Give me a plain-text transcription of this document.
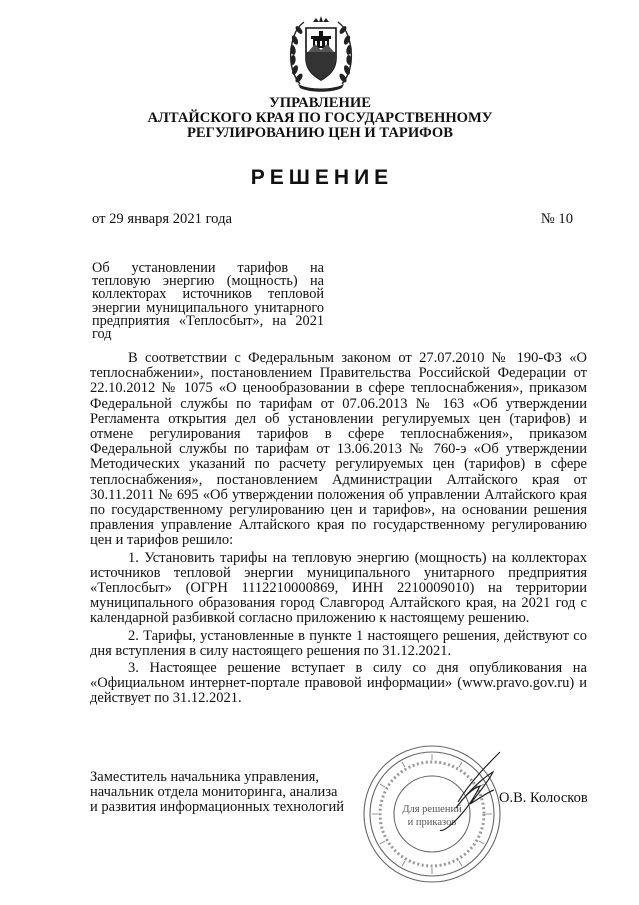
УПРАВЛЕНИЕ
АЛТАЙСКОГО КРАЯ ПО ГОСУДАРСТВЕННОМУ
РЕГУЛИРОВАНИЮ ЦЕН И ТАРИФОВ
РЕШЕНИЕ
от 29 января 2021 года	№ 10
Об установлении тарифов на тепловую энергию (мощность) на коллекторах источников тепловой энергии муниципального унитарного предприятия «Теплосбыт», на 2021 год

В соответствии с Федеральным законом от 27.07.2010 № 190-ФЗ «О теплоснабжении», постановлением Правительства Российской Федерации от 22.10.2012 № 1075 «О ценообразовании в сфере теплоснабжения», приказом Федеральной службы по тарифам от 07.06.2013 № 163 «Об утверждении Регламента открытия дел об установлении регулируемых цен (тарифов) и отмене регулирования тарифов в сфере теплоснабжения», приказом Федеральной службы по тарифам от 13.06.2013 № 760-э «Об утверждении Методических указаний по расчету регулируемых цен (тарифов) в сфере теплоснабжения», постановлением Администрации Алтайского края от 30.11.2011 № 695 «Об утверждении положения об управлении Алтайского края по государственному регулированию цен и тарифов», на основании решения правления управление Алтайского края по государственному регулированию цен и тарифов решило:

1. Установить тарифы на тепловую энергию (мощность) на коллекторах источников тепловой энергии муниципального унитарного предприятия «Теплосбыт» (ОГРН 1112210000869, ИНН 2210009010) на территории муниципального образования город Славгород Алтайского края, на 2021 год с календарной разбивкой согласно приложению к настоящему решению.

2. Тарифы, установленные в пункте 1 настоящего решения, действуют со дня вступления в силу настоящего решения по 31.12.2021.

3. Настоящее решение вступает в силу со дня опубликования на «Официальном интернет-портале правовой информации» (www.pravo.gov.ru) и действует по 31.12.2021.

Заместитель начальника управления,
начальник отдела мониторинга, анализа
и развития информационных технологий	Для решений
и приказов
О.В. Колосков
